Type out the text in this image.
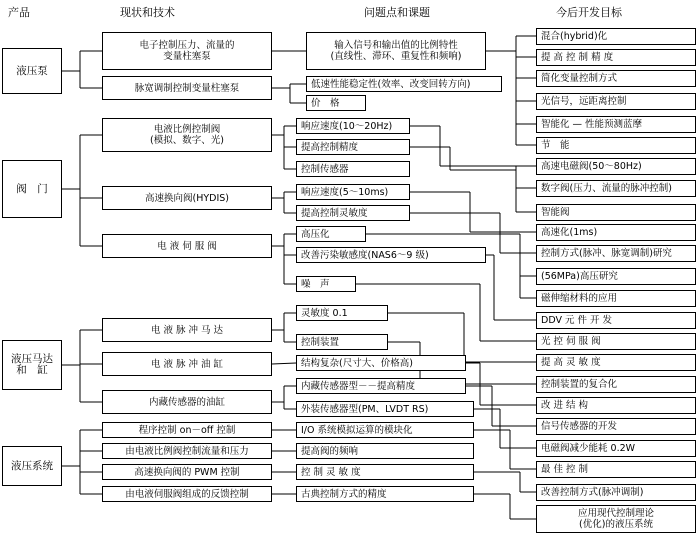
产品	现状和技术	问题点和课题	今后开发目标
液压泵
阀　门
液压马达
和　缸
液压系统
电子控制压力、流量的
变量柱塞泵
脉宽调制控制变量柱塞泵
电液比例控制阀
(模拟、数字、光)
高速换向阀(HYDIS)
电 液 伺 服 阀
电 液 脉 冲 马 达
电 液 脉 冲 油 缸
内藏传感器的油缸
程序控制 on－off 控制
由电液比例阀控制流量和压力
高速换向阀的 PWM 控制
由电液伺服阀组成的反馈控制
输入信号和输出值的比例特性
(直线性、滞环、重复性和频响)
低速性能稳定性(效率、改变回转方向)
价　格
响应速度(10～20Hz)
提高控制精度
控制传感器
响应速度(5～10ms)
提高控制灵敏度
高压化
改善污染敏感度(NAS6～9 级)
噪　声
灵敏度 0.1
控制装置
结构复杂(尺寸大、价格高)
内藏传感器型－－提高精度
外装传感器型(PM、LVDT RS)
I/O 系统模拟运算的模块化
提高阀的频响
控 制 灵 敏 度
古典控制方式的精度
混合(hybrid)化
提 高 控 制 精 度
简化变量控制方式
光信号，远距离控制
智能化 — 性能预测蓝摩
节　能
高速电磁阀(50～80Hz)
数字阀(压力、流量的脉冲控制)
智能阀
高速化(1ms)
控制方式(脉冲、脉宽调制)研究
(56MPa)高压研究
磁伸缩材料的应用
DDV 元 件 开 发
光 控 伺 服 阀
提 高 灵 敏 度
控制装置的复合化
改 进 结 构
信号传感器的开发
电磁阀减少能耗 0.2W
最 佳 控 制
改善控制方式(脉冲调制)
应用现代控制理论
(优化)的液压系统
